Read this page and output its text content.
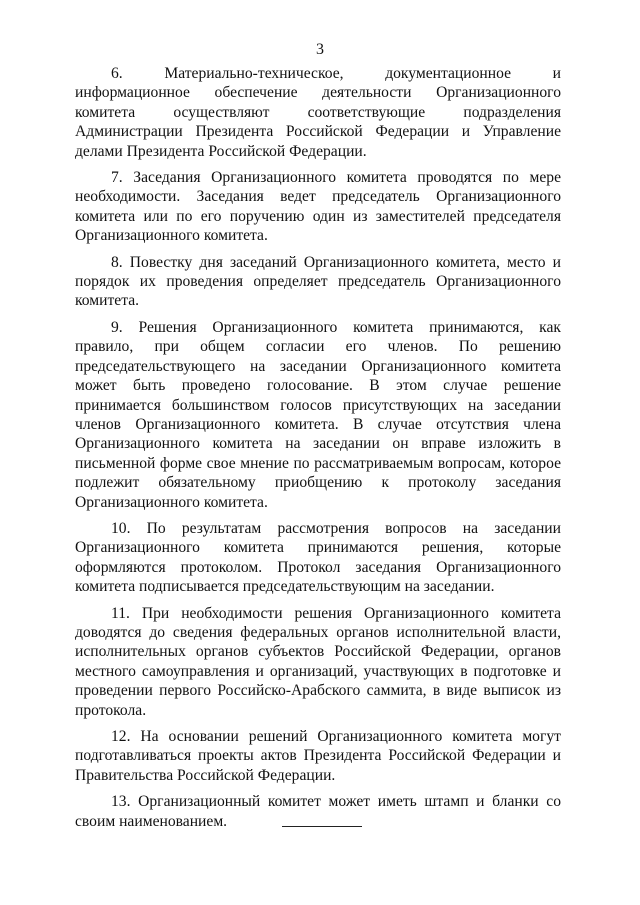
3

6. Материально-техническое, документационное и информационное обеспечение деятельности Организационного комитета осуществляют соответствующие подразделения Администрации Президента Российской Федерации и Управление делами Президента Российской Федерации.

7. Заседания Организационного комитета проводятся по мере необходимости. Заседания ведет председатель Организационного комитета или по его поручению один из заместителей председателя Организационного комитета.

8. Повестку дня заседаний Организационного комитета, место и порядок их проведения определяет председатель Организационного комитета.

9. Решения Организационного комитета принимаются, как правило, при общем согласии его членов. По решению председательствующего на заседании Организационного комитета может быть проведено голосование. В этом случае решение принимается большинством голосов присутствующих на заседании членов Организационного комитета. В случае отсутствия члена Организационного комитета на заседании он вправе изложить в письменной форме свое мнение по рассматриваемым вопросам, которое подлежит обязательному приобщению к протоколу заседания Организационного комитета.

10. По результатам рассмотрения вопросов на заседании Организационного комитета принимаются решения, которые оформляются протоколом. Протокол заседания Организационного комитета подписывается председательствующим на заседании.

11. При необходимости решения Организационного комитета доводятся до сведения федеральных органов исполнительной власти, исполнительных органов субъектов Российской Федерации, органов местного самоуправления и организаций, участвующих в подготовке и проведении первого Российско-Арабского саммита, в виде выписок из протокола.

12. На основании решений Организационного комитета могут подготавливаться проекты актов Президента Российской Федерации и Правительства Российской Федерации.

13. Организационный комитет может иметь штамп и бланки со своим наименованием.
